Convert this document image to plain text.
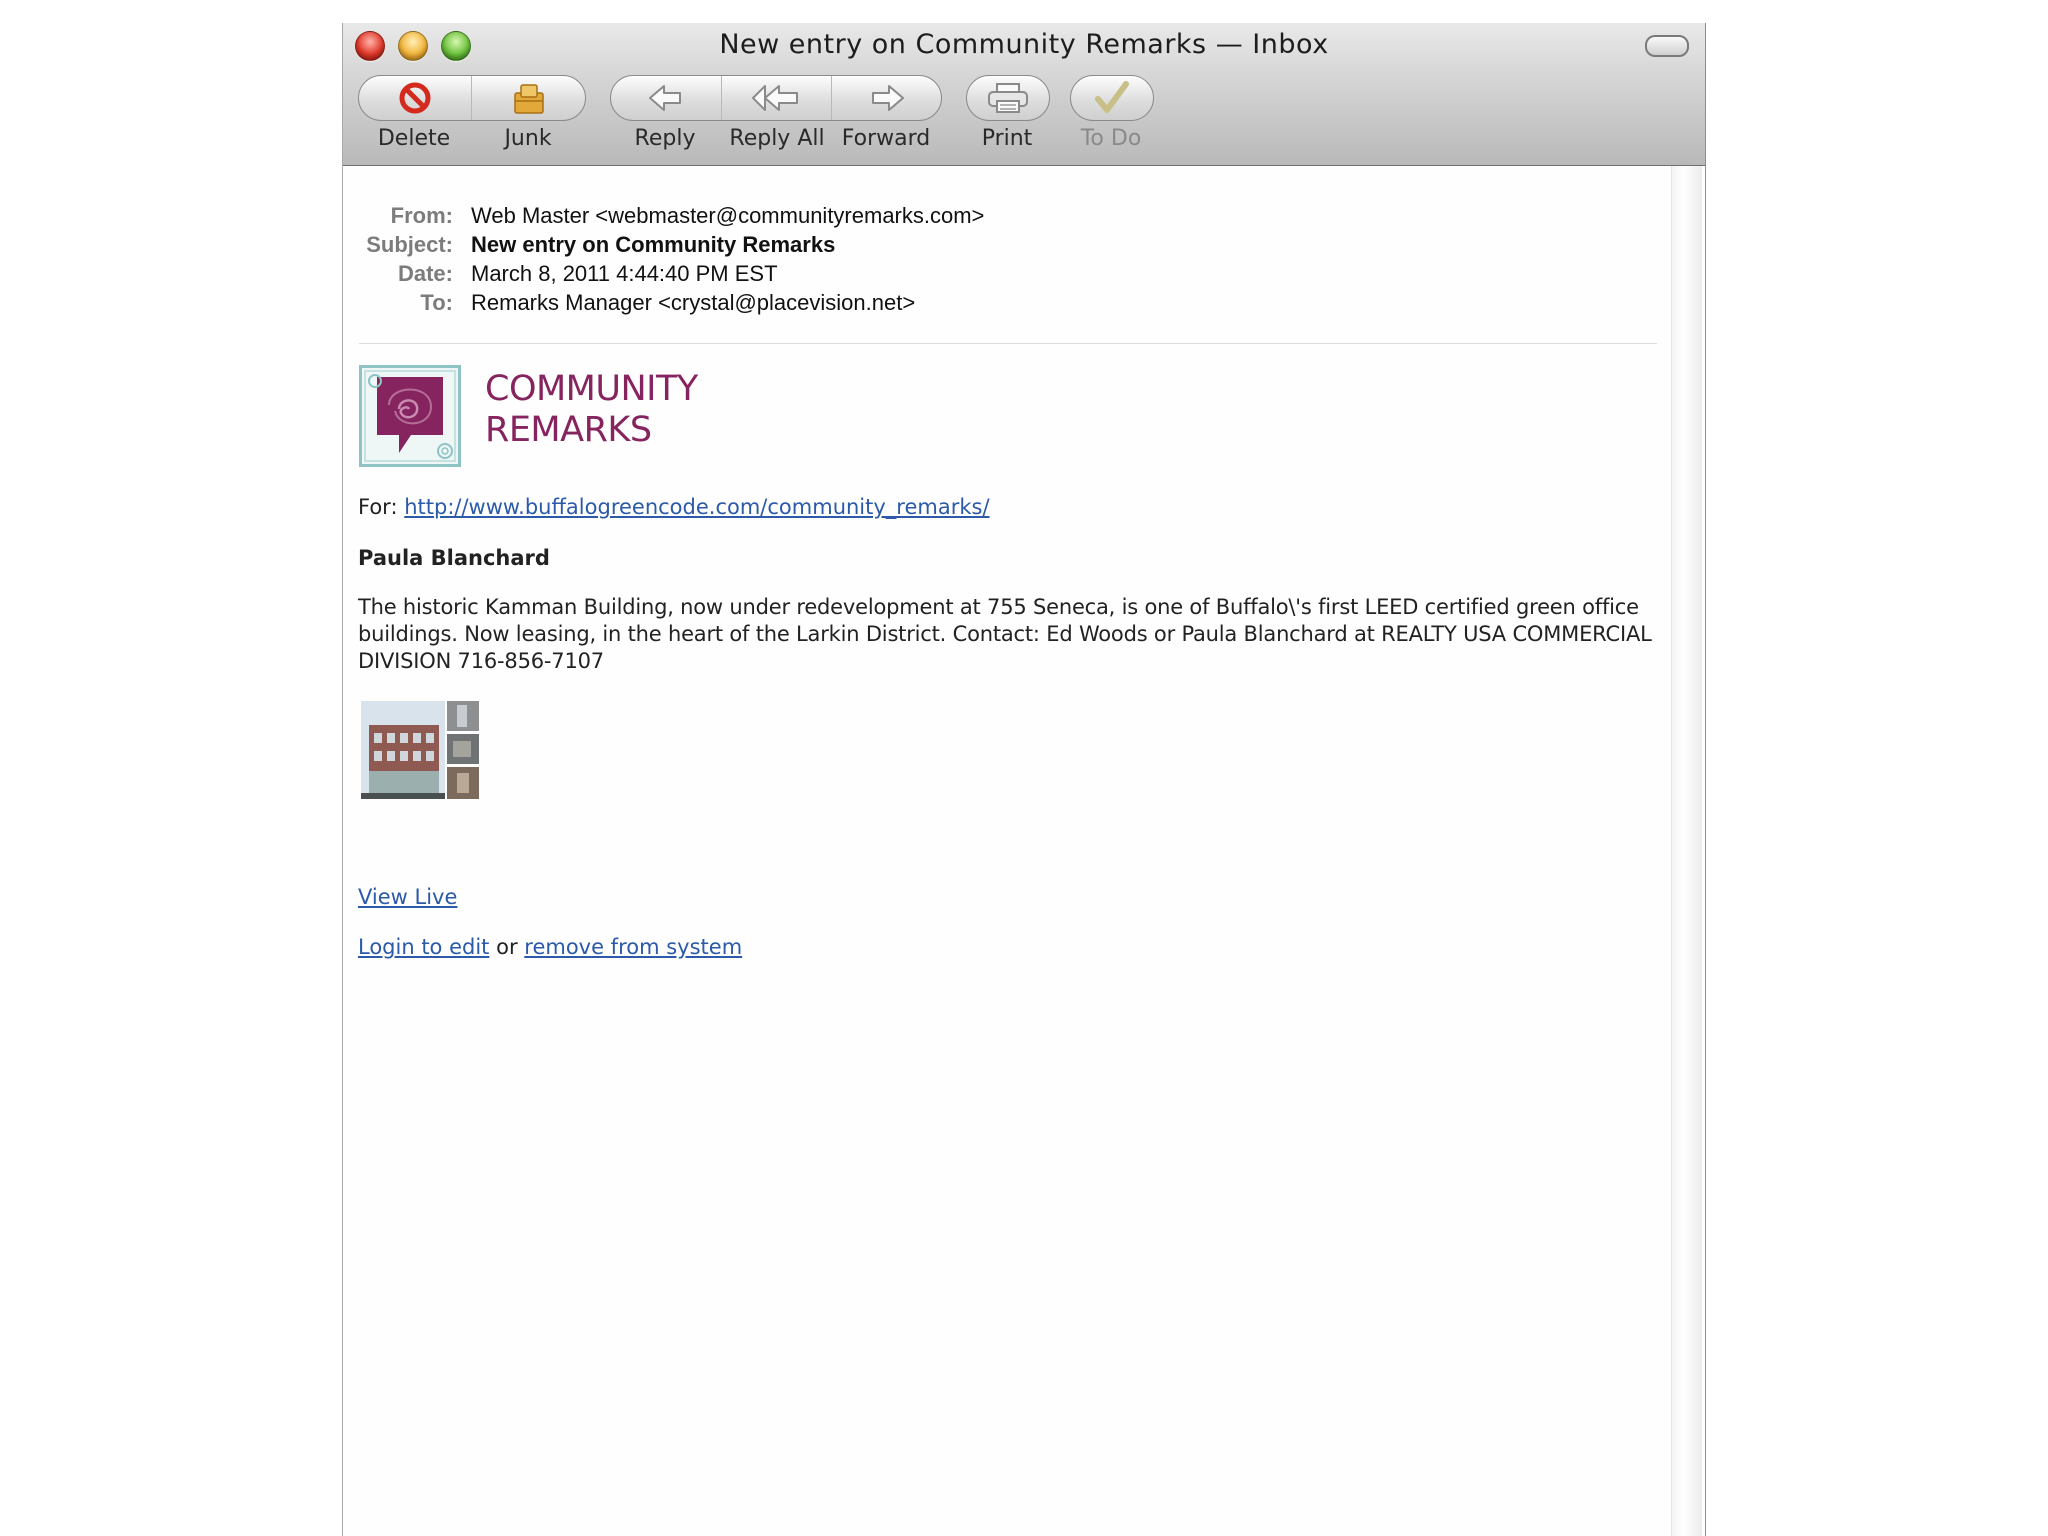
New entry on Community Remarks — Inbox
Delete Junk	Reply Reply All Forward Print To Do
From: Web Master <webmaster@communityremarks.com>
Subject: New entry on Community Remarks
Date: March 8, 2011 4:44:40 PM EST
To: Remarks Manager <crystal@placevision.net>
COMMUNITY
REMARKS
For: http://www.buffalogreencode.com/community_remarks/
Paula Blanchard
The historic Kamman Building, now under redevelopment at 755 Seneca, is one of Buffalo\'s first LEED certified green office buildings. Now leasing, in the heart of the Larkin District. Contact: Ed Woods or Paula Blanchard at REALTY USA COMMERCIAL DIVISION 716-856-7107
View Live
Login to edit or remove from system
